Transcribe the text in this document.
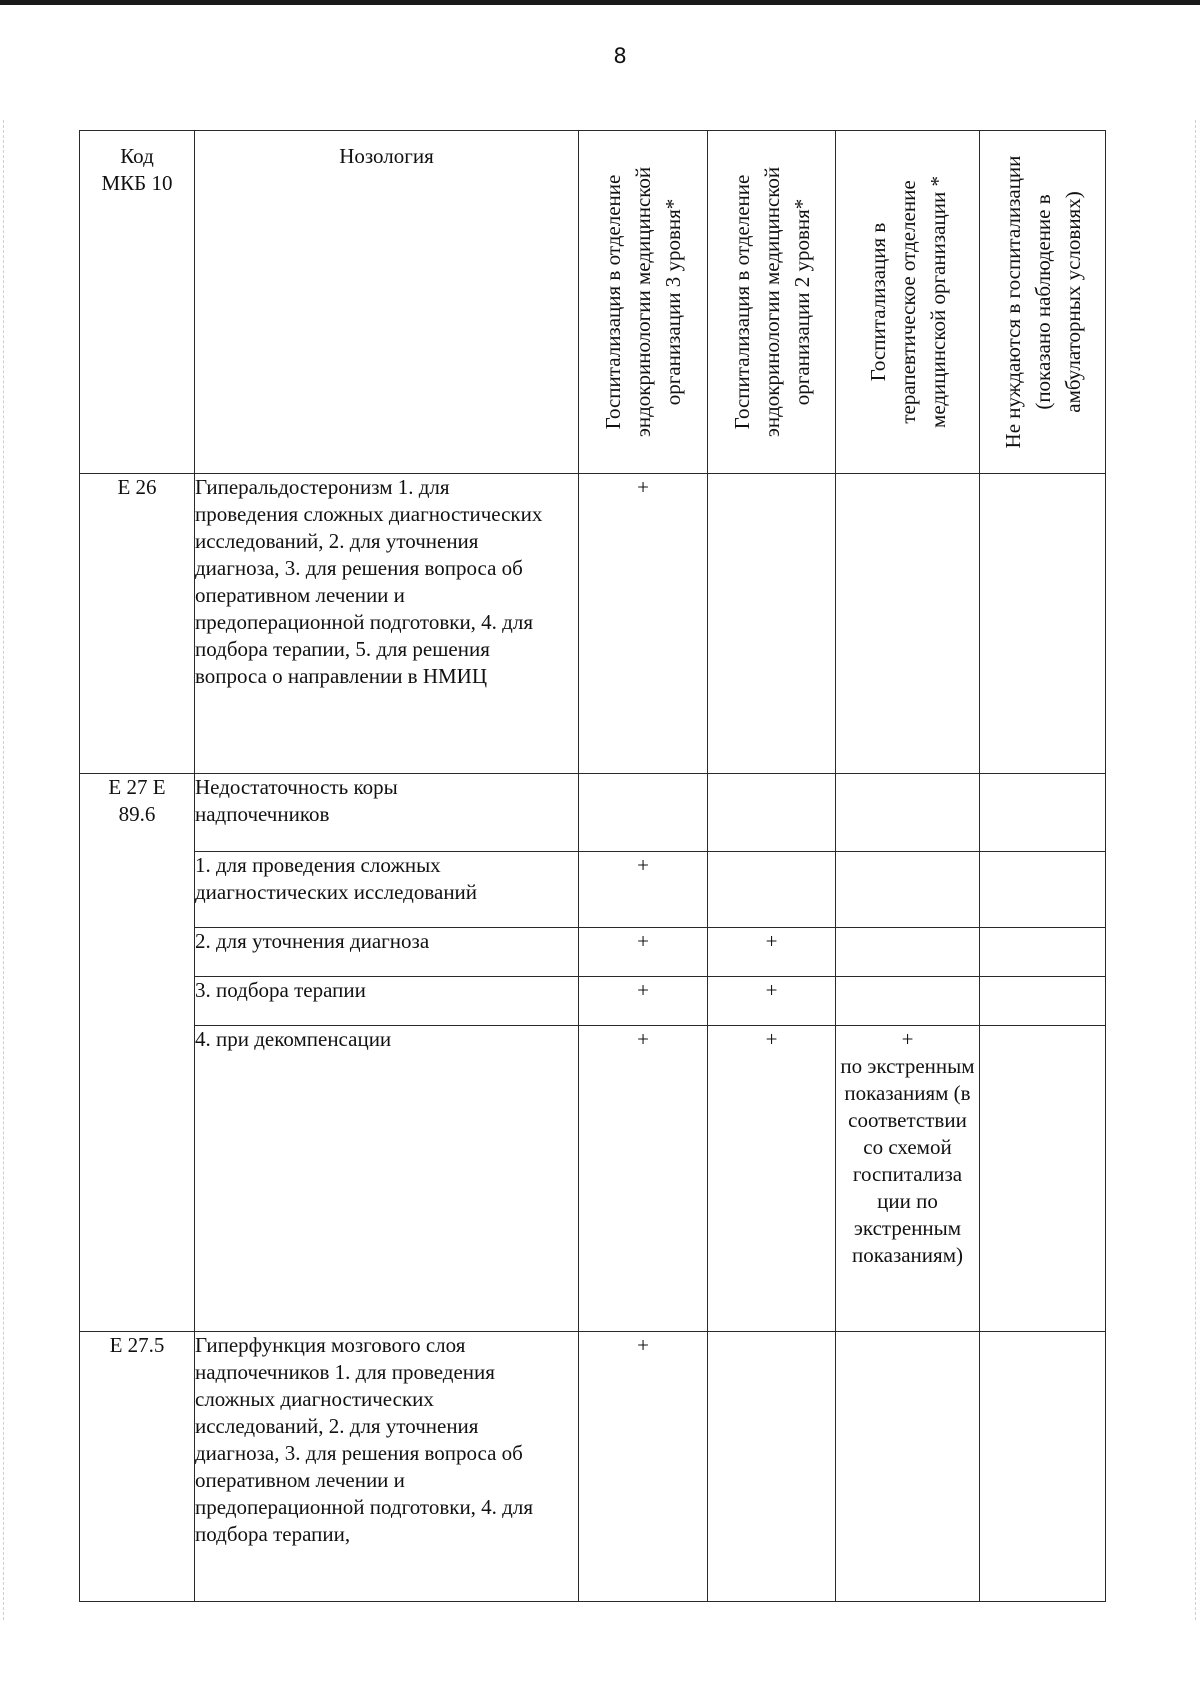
8
Код МКБ 10	Нозология	Госпитализация в отделение эндокринологии медицинской организации 3 уровня*	Госпитализация в отделение эндокринологии медицинской организации 2 уровня*	Госпитализация в терапевтическое отделение медицинской организации *	Не нуждаются в госпитализации (показано наблюдение в амбулаторных условиях)

Е 26	Гиперальдостеронизм 1. для проведения сложных диагностических исследований, 2. для уточнения диагноза, 3. для решения вопроса об оперативном лечении и предоперационной подготовки, 4. для подбора терапии, 5. для решения вопроса о направлении в НМИЦ	+			

Е 27 Е 89.6	Недостаточность коры надпочечников				

	1. для проведения сложных диагностических исследований	+			
	2. для уточнения диагноза	+	+		
	3. подбора терапии	+	+		
	4. при декомпенсации	+	+	+
по экстренным показаниям (в соответствии со схемой госпитализа ции по экстренным показаниям)	

Е 27.5	Гиперфункция мозгового слоя надпочечников 1. для проведения сложных диагностических исследований, 2. для уточнения диагноза, 3. для решения вопроса об оперативном лечении и предоперационной подготовки, 4. для подбора терапии,	+			
